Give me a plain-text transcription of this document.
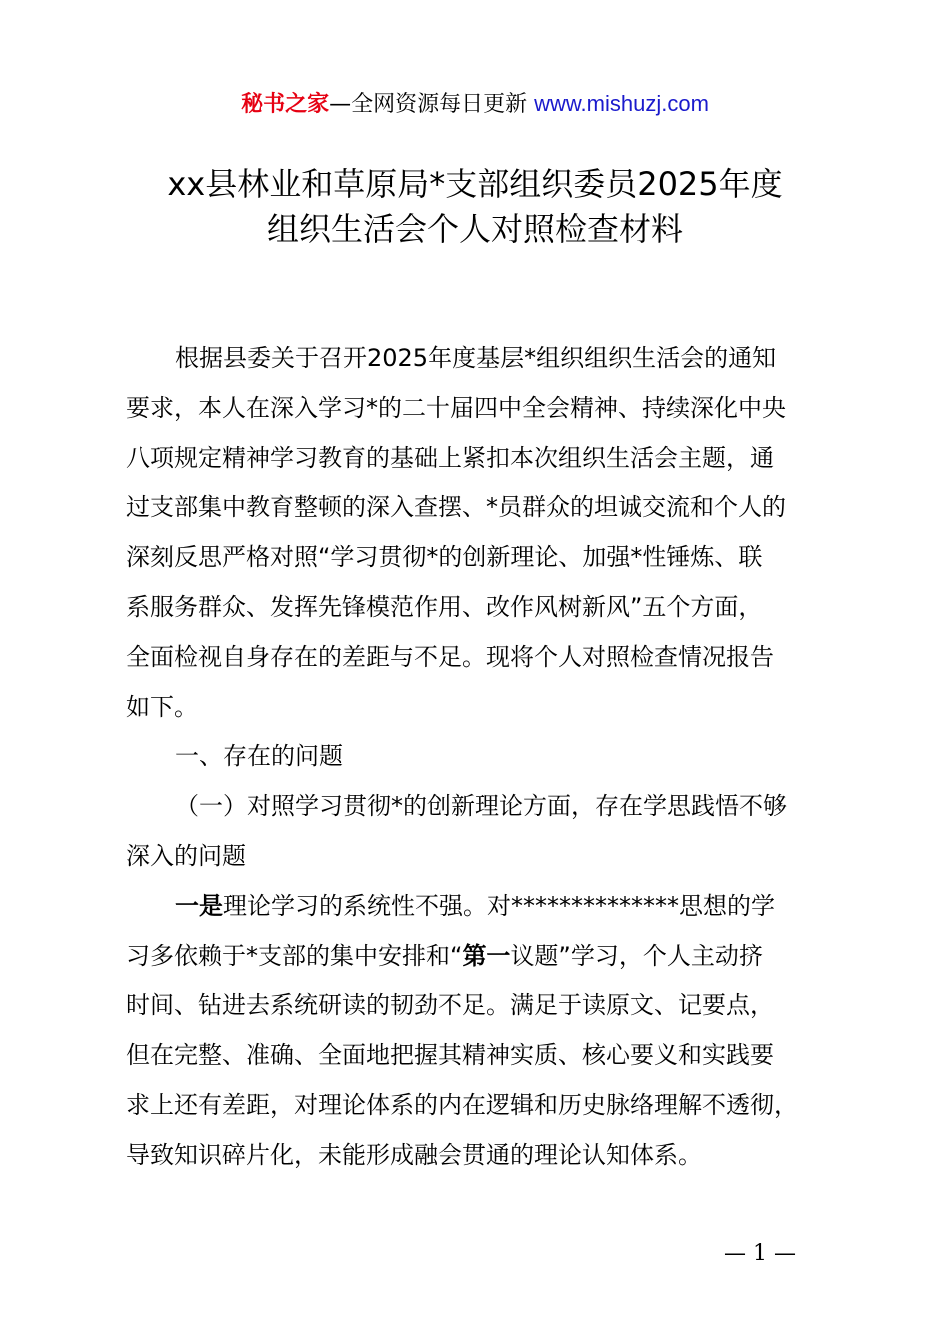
秘书之家—全网资源每日更新 www.mishuzj.com
xx县林业和草原局*支部组织委员2025年度
组织生活会个人对照检查材料
根据县委关于召开2025年度基层*组织组织生活会的通知
要求，本人在深入学习*的二十届四中全会精神、持续深化中央
八项规定精神学习教育的基础上紧扣本次组织生活会主题，通
过支部集中教育整顿的深入查摆、*员群众的坦诚交流和个人的
深刻反思严格对照“学习贯彻*的创新理论、加强*性锤炼、联
系服务群众、发挥先锋模范作用、改作风树新风”五个方面，
全面检视自身存在的差距与不足。现将个人对照检查情况报告
如下。
一、存在的问题
（一）对照学习贯彻*的创新理论方面，存在学思践悟不够
深入的问题
一是理论学习的系统性不强。对**************思想的学
习多依赖于*支部的集中安排和“第一议题”学习，个人主动挤
时间、钻进去系统研读的韧劲不足。满足于读原文、记要点，
但在完整、准确、全面地把握其精神实质、核心要义和实践要
求上还有差距，对理论体系的内在逻辑和历史脉络理解不透彻，
导致知识碎片化，未能形成融会贯通的理论认知体系。
— 1 —
